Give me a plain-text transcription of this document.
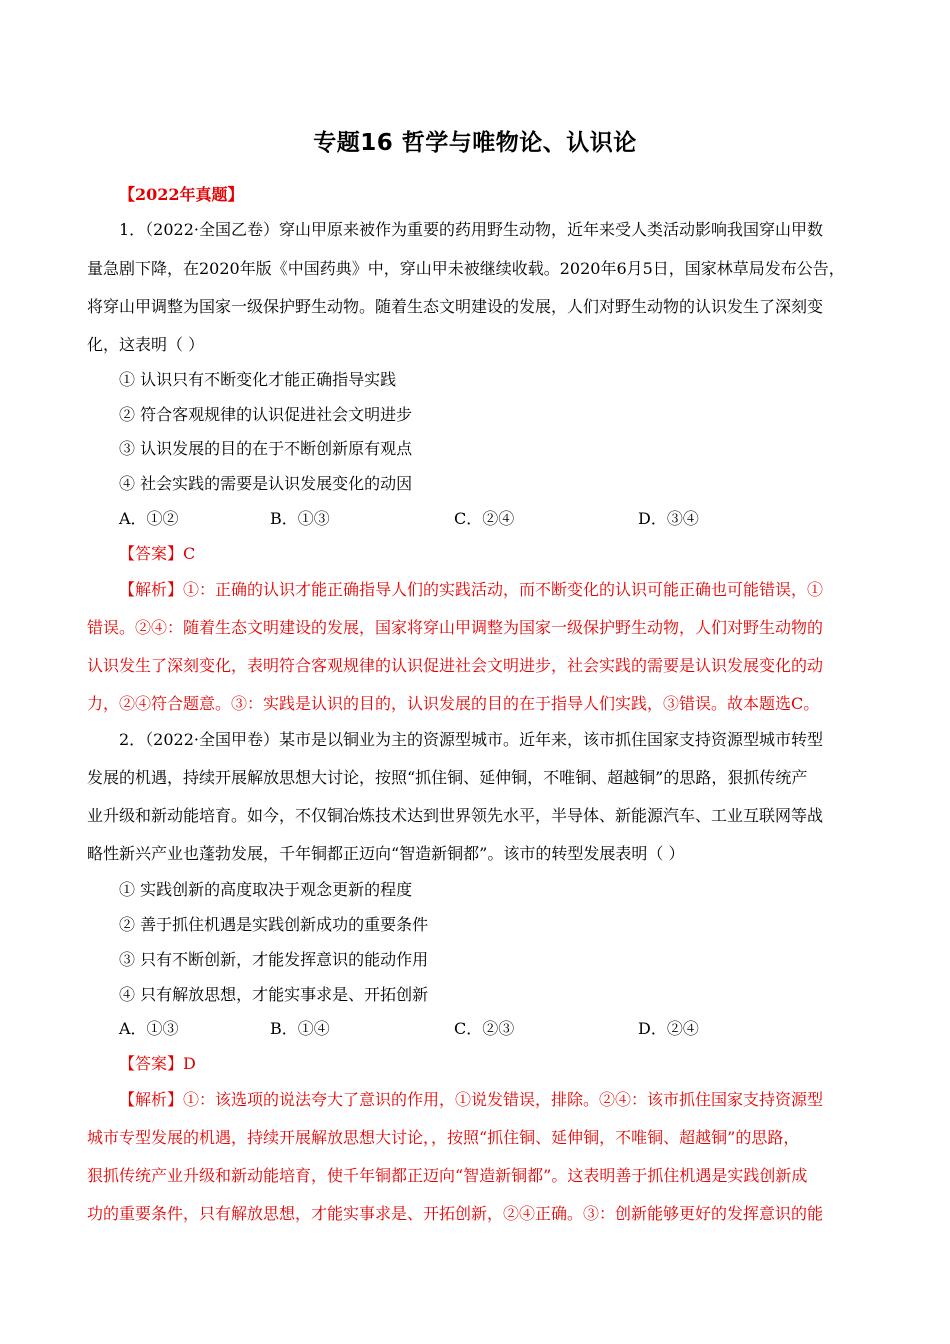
专题16 哲学与唯物论、认识论
【2022年真题】
1．（2022·全国乙卷）穿山甲原来被作为重要的药用野生动物，近年来受人类活动影响我国穿山甲数
量急剧下降，在2020年版《中国药典》中，穿山甲未被继续收载。2020年6月5日，国家林草局发布公告，
将穿山甲调整为国家一级保护野生动物。随着生态文明建设的发展，人们对野生动物的认识发生了深刻变
化，这表明（ ）
① 认识只有不断变化才能正确指导实践
② 符合客观规律的认识促进社会文明进步
③ 认识发展的目的在于不断创新原有观点
④ 社会实践的需要是认识发展变化的动因
A．①②	B．①③	C．②④	D．③④
【答案】C
【解析】①：正确的认识才能正确指导人们的实践活动，而不断变化的认识可能正确也可能错误，①
错误。②④：随着生态文明建设的发展，国家将穿山甲调整为国家一级保护野生动物，人们对野生动物的
认识发生了深刻变化，表明符合客观规律的认识促进社会文明进步，社会实践的需要是认识发展变化的动
力，②④符合题意。③：实践是认识的目的，认识发展的目的在于指导人们实践，③错误。故本题选C。
2．（2022·全国甲卷）某市是以铜业为主的资源型城市。近年来，该市抓住国家支持资源型城市转型
发展的机遇，持续开展解放思想大讨论，按照“抓住铜、延伸铜，不唯铜、超越铜”的思路，狠抓传统产
业升级和新动能培育。如今，不仅铜冶炼技术达到世界领先水平，半导体、新能源汽车、工业互联网等战
略性新兴产业也蓬勃发展，千年铜都正迈向“智造新铜都”。该市的转型发展表明（ ）
① 实践创新的高度取决于观念更新的程度
② 善于抓住机遇是实践创新成功的重要条件
③ 只有不断创新，才能发挥意识的能动作用
④ 只有解放思想，才能实事求是、开拓创新
A．①③	B．①④	C．②③	D．②④
【答案】D
【解析】①：该选项的说法夸大了意识的作用，①说发错误，排除。②④：该市抓住国家支持资源型
城市专型发展的机遇，持续开展解放思想大讨论，，按照“抓住铜、延伸铜，不唯铜、超越铜”的思路，
狠抓传统产业升级和新动能培育，使千年铜都正迈向“智造新铜都”。这表明善于抓住机遇是实践创新成
功的重要条件，只有解放思想，才能实事求是、开拓创新，②④正确。③：创新能够更好的发挥意识的能
